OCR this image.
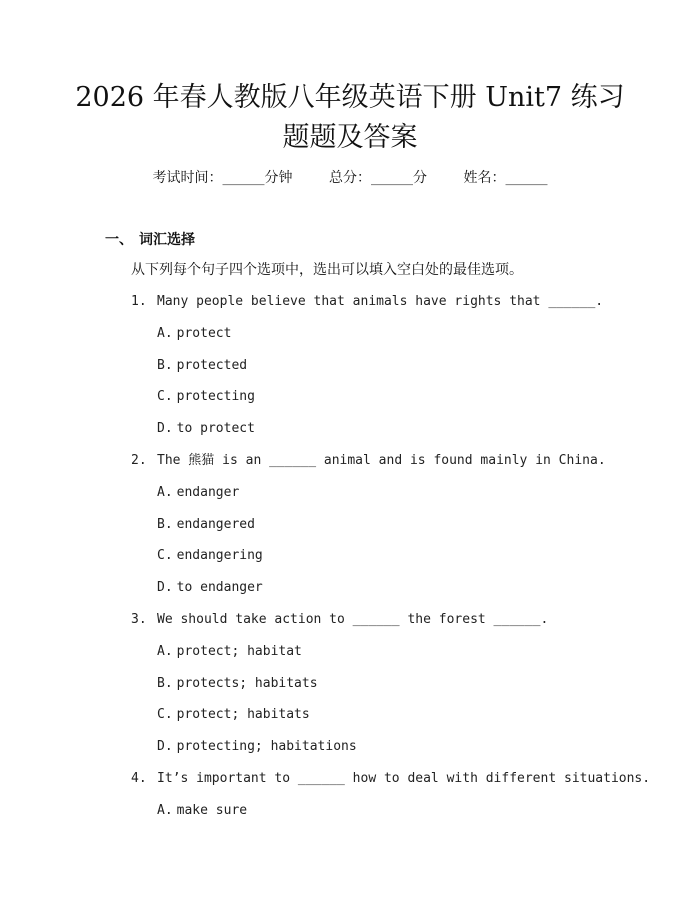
2026 年春人教版八年级英语下册 Unit7 练习
题题及答案
考试时间：______分钟	总分：______分	姓名：______
一、 词汇选择
从下列每个句子四个选项中，选出可以填入空白处的最佳选项。
1. Many people believe that animals have rights that ______.
A. protect
B. protected
C. protecting
D. to protect
2. The 熊猫 is an ______ animal and is found mainly in China.
A. endanger
B. endangered
C. endangering
D. to endanger
3. We should take action to ______ the forest ______.
A. protect; habitat
B. protects; habitats
C. protect; habitats
D. protecting; habitations
4. It’s important to ______ how to deal with different situations.
A. make sure
